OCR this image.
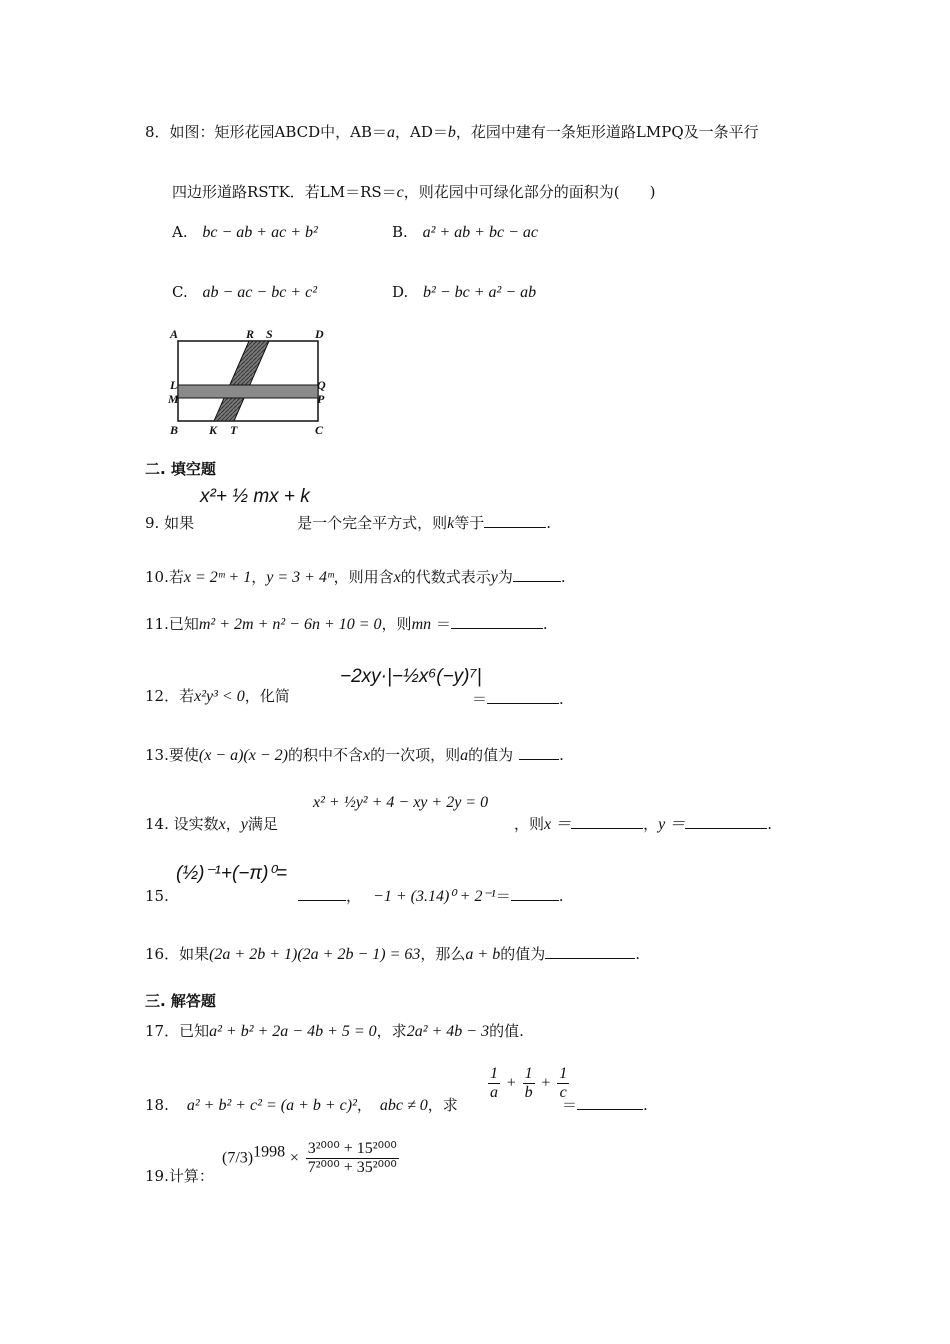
8．如图：矩形花园ABCD中，AB＝a，AD＝b，花园中建有一条矩形道路LMPQ及一条平行
四边形道路RSTK．若LM＝RS＝c，则花园中可绿化部分的面积为(　　)
A. bc − ab + ac + b²	B. a² + ab + bc − ac
C. ab − ac − bc + c²	D. b² − bc + a² − ab
A	R S	D
L	Q
M	P
B	K T	C
二. 填空题
x²+ ½ mx + k
9. 如果	是一个完全平方式，则k等于	.
10.若x = 2ᵐ + 1，y = 3 + 4ᵐ，则用含x的代数式表示y为	.
11.已知m² + 2m + n² − 6n + 10 = 0，则mn ＝	.
12．若x²y³ < 0，化简
−2xy·|−½x⁶(−y)⁷|
＝	.
13.要使(x − a)(x − 2)的积中不含x的一次项，则a的值为	.
x² + ½y² + 4 − xy + 2y = 0
14. 设实数x，y满足	，则x ＝	，y ＝	.
(½)⁻¹+(−π)⁰=
15.	， −1 + (3.14)⁰ + 2⁻¹＝	.
16．如果(2a + 2b + 1)(2a + 2b − 1) = 63，那么a + b的值为	.
三. 解答题
17．已知a² + b² + 2a − 4b + 5 = 0，求2a² + 4b − 3的值.
18. a² + b² + c² = (a + b + c)²， abc ≠ 0，求
$\frac{1}{a} + \frac{1}{b} + \frac{1}{c}$
＝	.
19.计算：
$(7/3)^{1998} \times \frac{\text{3²⁰⁰⁰ + 15²⁰⁰⁰}}{\text{7²⁰⁰⁰ + 35²⁰⁰⁰}}$
